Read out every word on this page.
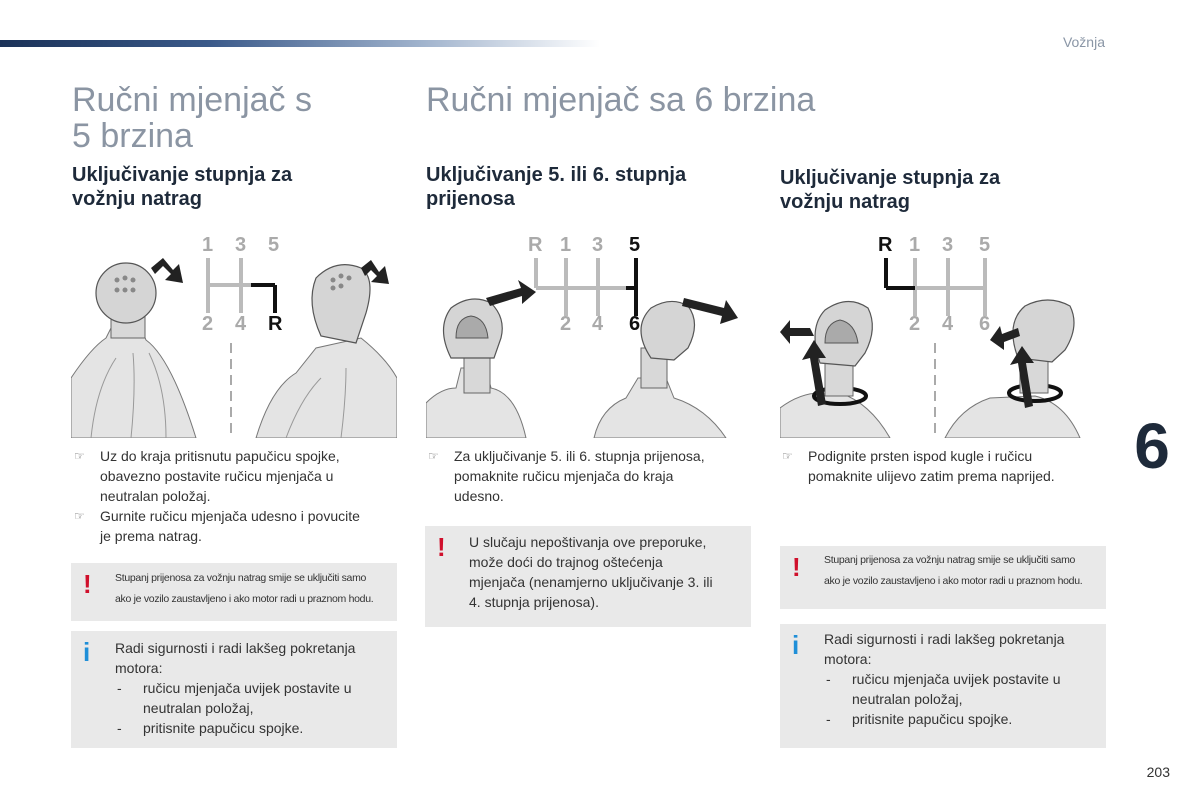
Vožnja
Ručni mjenjač s
5 brzina
Ručni mjenjač sa 6 brzina
Uključivanje stupnja za
vožnju natrag
Uključivanje 5. ili 6. stupnja
prijenosa
Uključivanje stupnja za
vožnju natrag
1 3 5
2 4 R
R 1 3 5
2 4 6
R 1 3 5
2 4 6
☞ Uz do kraja pritisnutu papučicu spojke,
obavezno postavite ručicu mjenjača u
neutralan položaj.
☞ Gurnite ručicu mjenjača udesno i povucite
je prema natrag.
! Stupanj prijenosa za vožnju natrag smije se uključiti samo
ako je vozilo zaustavljeno i ako motor radi u praznom hodu.
i Radi sigurnosti i radi lakšeg pokretanja
motora:
- ručicu mjenjača uvijek postavite u
neutralan položaj,
- pritisnite papučicu spojke.
☞ Za uključivanje 5. ili 6. stupnja prijenosa,
pomaknite ručicu mjenjača do kraja
udesno.
! U slučaju nepoštivanja ove preporuke,
može doći do trajnog oštećenja
mjenjača (nenamjerno uključivanje 3. ili
4. stupnja prijenosa).
☞ Podignite prsten ispod kugle i ručicu
pomaknite ulijevo zatim prema naprijed.
! Stupanj prijenosa za vožnju natrag smije se uključiti samo
ako je vozilo zaustavljeno i ako motor radi u praznom hodu.
i Radi sigurnosti i radi lakšeg pokretanja
motora:
- ručicu mjenjača uvijek postavite u
neutralan položaj,
- pritisnite papučicu spojke.
6
203
